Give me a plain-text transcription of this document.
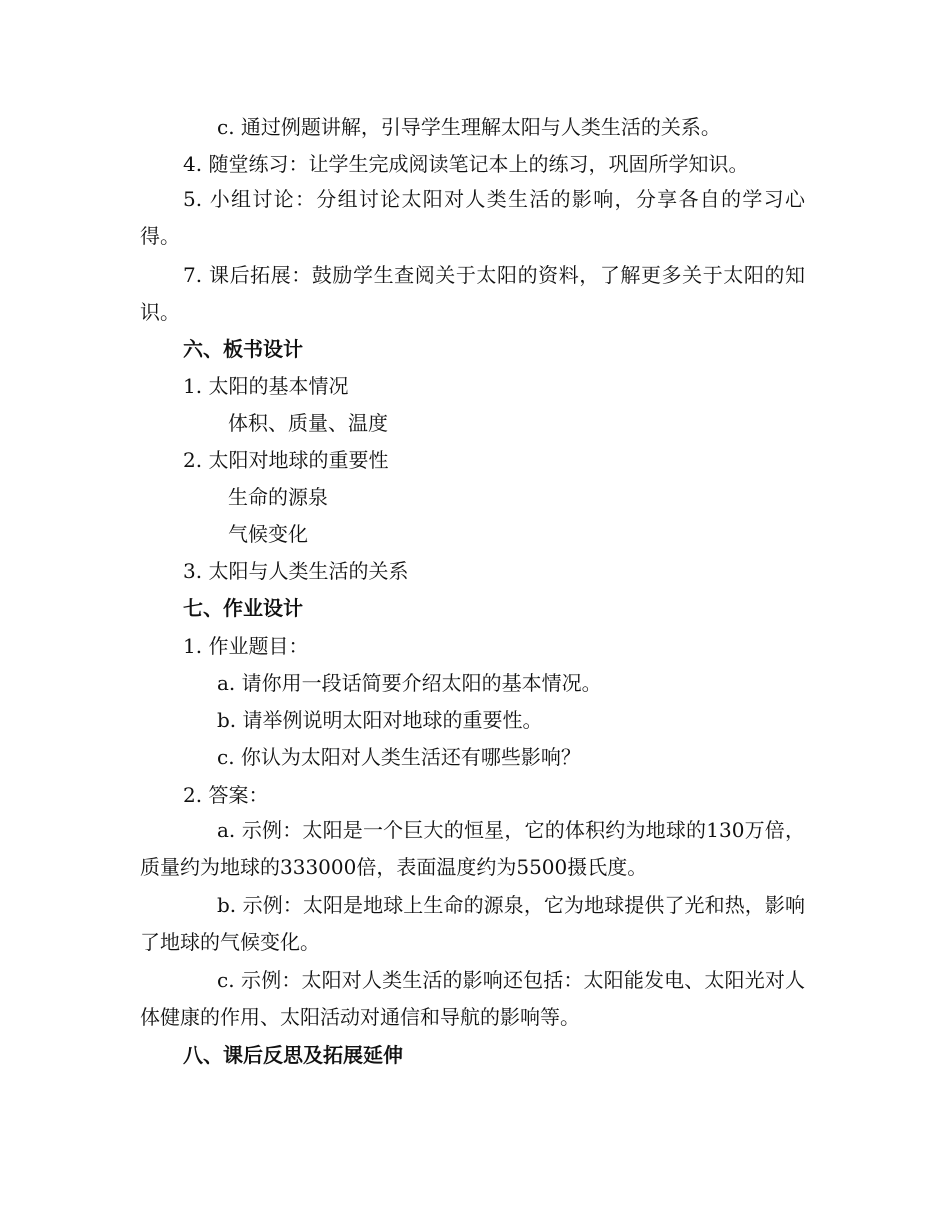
c. 通过例题讲解，引导学生理解太阳与人类生活的关系。
4. 随堂练习：让学生完成阅读笔记本上的练习，巩固所学知识。
5. 小组讨论：分组讨论太阳对人类生活的影响，分享各自的学习心得。
7. 课后拓展：鼓励学生查阅关于太阳的资料，了解更多关于太阳的知识。
六、板书设计
1. 太阳的基本情况
体积、质量、温度
2. 太阳对地球的重要性
生命的源泉
气候变化
3. 太阳与人类生活的关系
七、作业设计
1. 作业题目：
a. 请你用一段话简要介绍太阳的基本情况。
b. 请举例说明太阳对地球的重要性。
c. 你认为太阳对人类生活还有哪些影响？
2. 答案：
a. 示例：太阳是一个巨大的恒星，它的体积约为地球的130万倍，质量约为地球的333000倍，表面温度约为5500摄氏度。
b. 示例：太阳是地球上生命的源泉，它为地球提供了光和热，影响了地球的气候变化。
c. 示例：太阳对人类生活的影响还包括：太阳能发电、太阳光对人体健康的作用、太阳活动对通信和导航的影响等。
八、课后反思及拓展延伸
